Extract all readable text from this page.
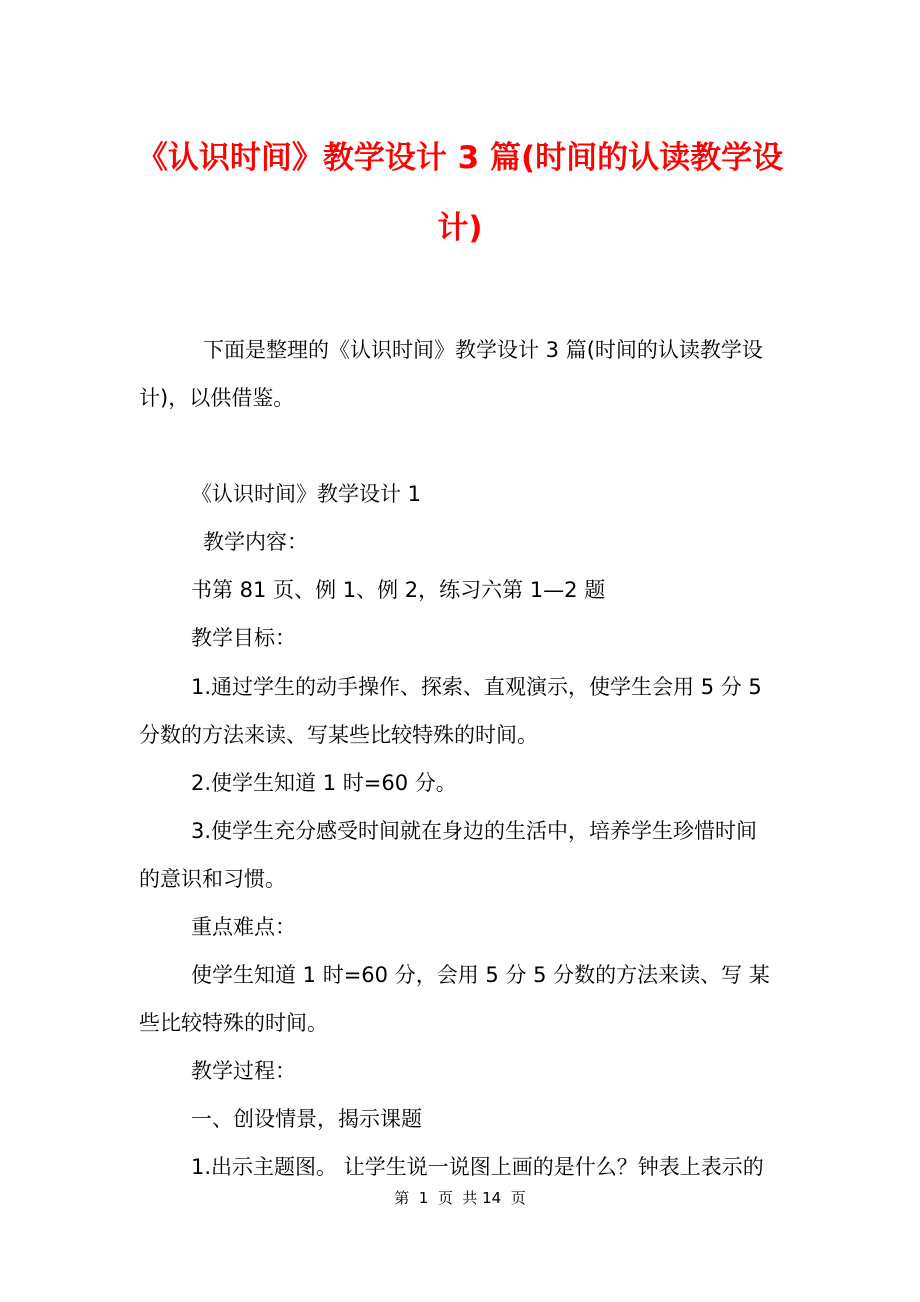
《认识时间》教学设计 3 篇(时间的认读教学设
计)
下面是整理的《认识时间》教学设计 3 篇(时间的认读教学设
计)，以供借鉴。
《认识时间》教学设计 1
教学内容：
书第 81 页、例 1、例 2，练习六第 1—2 题
教学目标：
1.通过学生的动手操作、探索、直观演示，使学生会用 5 分 5
分数的方法来读、写某些比较特殊的时间。
2.使学生知道 1 时=60 分。
3.使学生充分感受时间就在身边的生活中，培养学生珍惜时间
的意识和习惯。
重点难点：
使学生知道 1 时=60 分，会用 5 分 5 分数的方法来读、写 某
些比较特殊的时间。
教学过程：
一、创设情景，揭示课题
1.出示主题图。 让学生说一说图上画的是什么？钟表上表示的
第  1  页  共 14  页
